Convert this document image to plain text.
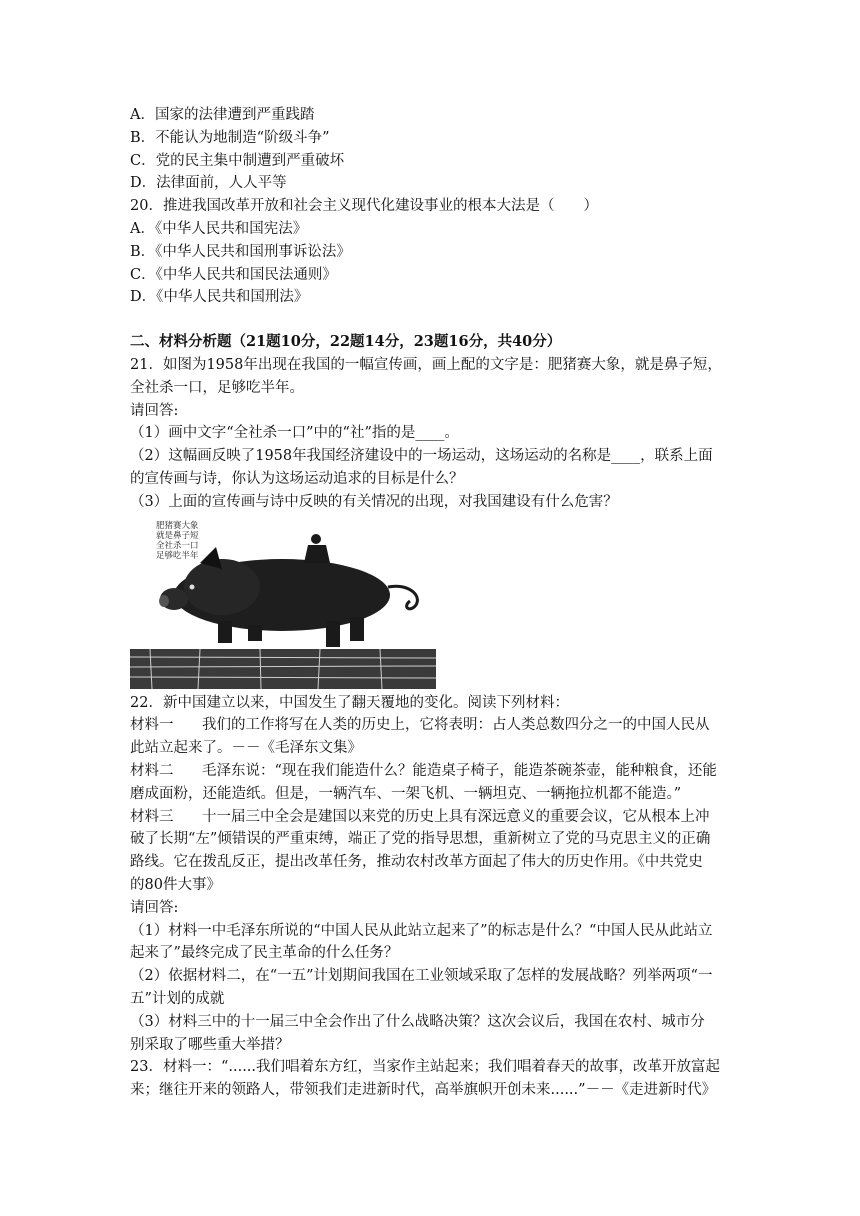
A．国家的法律遭到严重践踏
B．不能认为地制造“阶级斗争”
C．党的民主集中制遭到严重破坏
D．法律面前，人人平等
20．推进我国改革开放和社会主义现代化建设事业的根本大法是（　　）
A．《中华人民共和国宪法》
B．《中华人民共和国刑事诉讼法》
C．《中华人民共和国民法通则》
D．《中华人民共和国刑法》
二、材料分析题（21题10分，22题14分，23题16分，共40分）
21．如图为1958年出现在我国的一幅宣传画，画上配的文字是：肥猪赛大象，就是鼻子短，
全社杀一口，足够吃半年。
请回答:
（1）画中文字“全社杀一口”中的“社”指的是____。
（2）这幅画反映了1958年我国经济建设中的一场运动，这场运动的名称是____，联系上面
的宣传画与诗，你认为这场运动追求的目标是什么？
（3）上面的宣传画与诗中反映的有关情况的出现，对我国建设有什么危害？
肥猪赛大象
就是鼻子短
全社杀一口
足够吃半年
22．新中国建立以来，中国发生了翻天覆地的变化。阅读下列材料：
材料一 我们的工作将写在人类的历史上，它将表明：占人类总数四分之一的中国人民从
此站立起来了。－－《毛泽东文集》
材料二 毛泽东说：“现在我们能造什么？能造桌子椅子，能造茶碗茶壶，能种粮食，还能
磨成面粉，还能造纸。但是，一辆汽车、一架飞机、一辆坦克、一辆拖拉机都不能造。”
材料三 十一届三中全会是建国以来党的历史上具有深远意义的重要会议，它从根本上冲
破了长期“左”倾错误的严重束缚，端正了党的指导思想，重新树立了党的马克思主义的正确
路线。它在拨乱反正，提出改革任务，推动农村改革方面起了伟大的历史作用。《中共党史
的80件大事》
请回答:
（1）材料一中毛泽东所说的“中国人民从此站立起来了”的标志是什么？“中国人民从此站立
起来了”最终完成了民主革命的什么任务？
（2）依据材料二，在“一五”计划期间我国在工业领域采取了怎样的发展战略？列举两项“一
五”计划的成就
（3）材料三中的十一届三中全会作出了什么战略决策？这次会议后，我国在农村、城市分
别采取了哪些重大举措？
23．材料一：“......我们唱着东方红，当家作主站起来；我们唱着春天的故事，改革开放富起
来；继往开来的领路人，带领我们走进新时代，高举旗帜开创未来......”－－《走进新时代》
